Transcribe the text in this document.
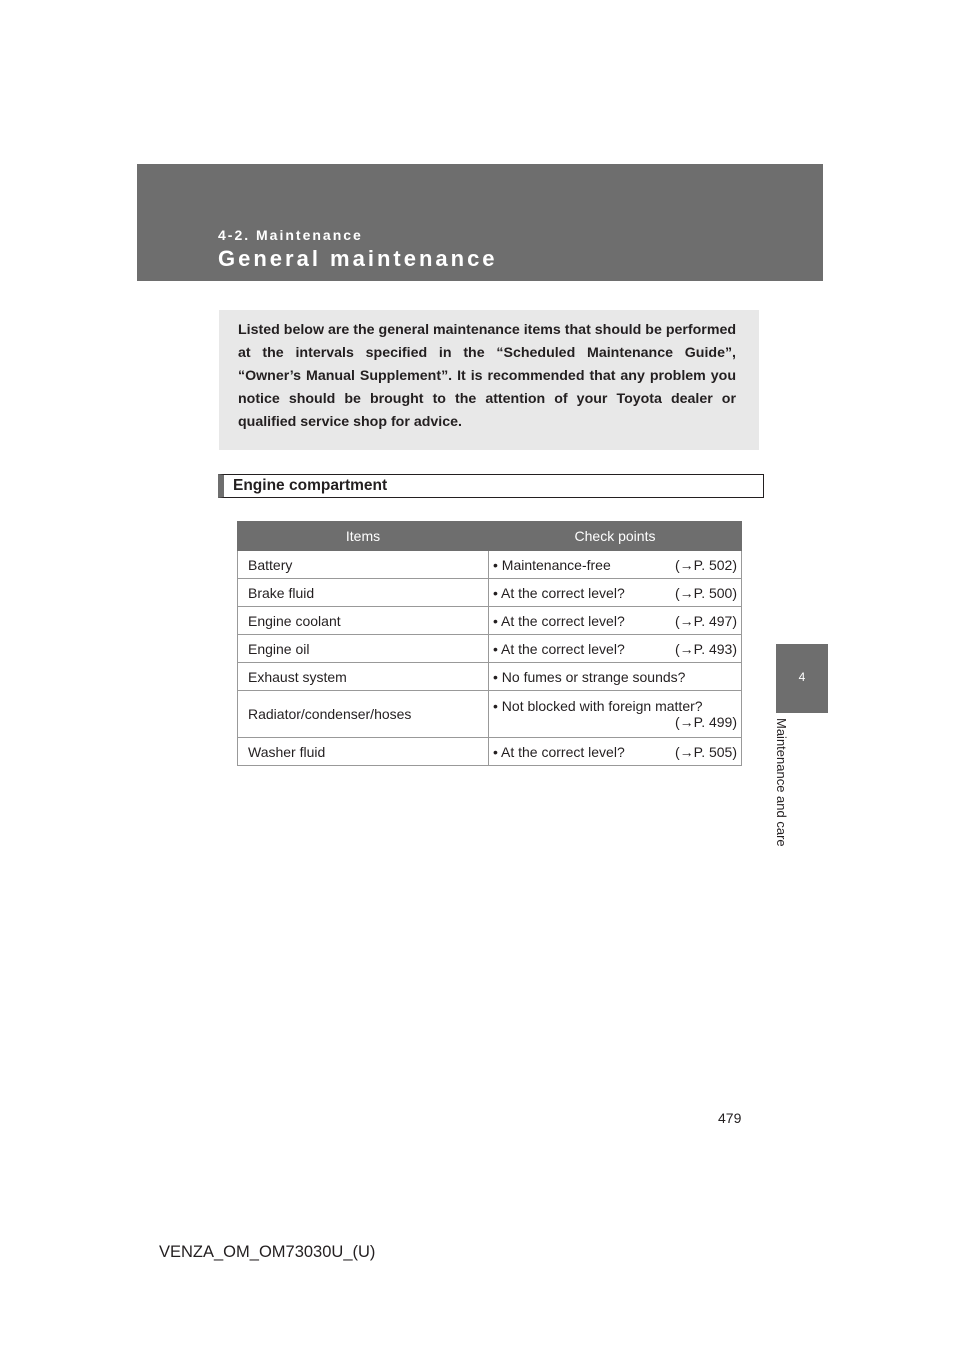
4-2. Maintenance
General maintenance
4
Maintenance and care
Listed below are the general maintenance items that should be performed at the intervals specified in the “Scheduled Maintenance Guide”, “Owner’s Manual Supplement”. It is recommended that any problem you notice should be brought to the attention of your Toyota dealer or qualified service shop for advice.
Engine compartment
Items	Check points
Battery	• Maintenance-free (→P. 502)

Brake fluid	• At the correct level? (→P. 500)

Engine coolant	• At the correct level? (→P. 497)

Engine oil	• At the correct level? (→P. 493)

Exhaust system	• No fumes or strange sounds?

Radiator/condenser/hoses	• Not blocked with foreign matter?
(→P. 499)

Washer fluid	• At the correct level? (→P. 505)
479
VENZA_OM_OM73030U_(U)
